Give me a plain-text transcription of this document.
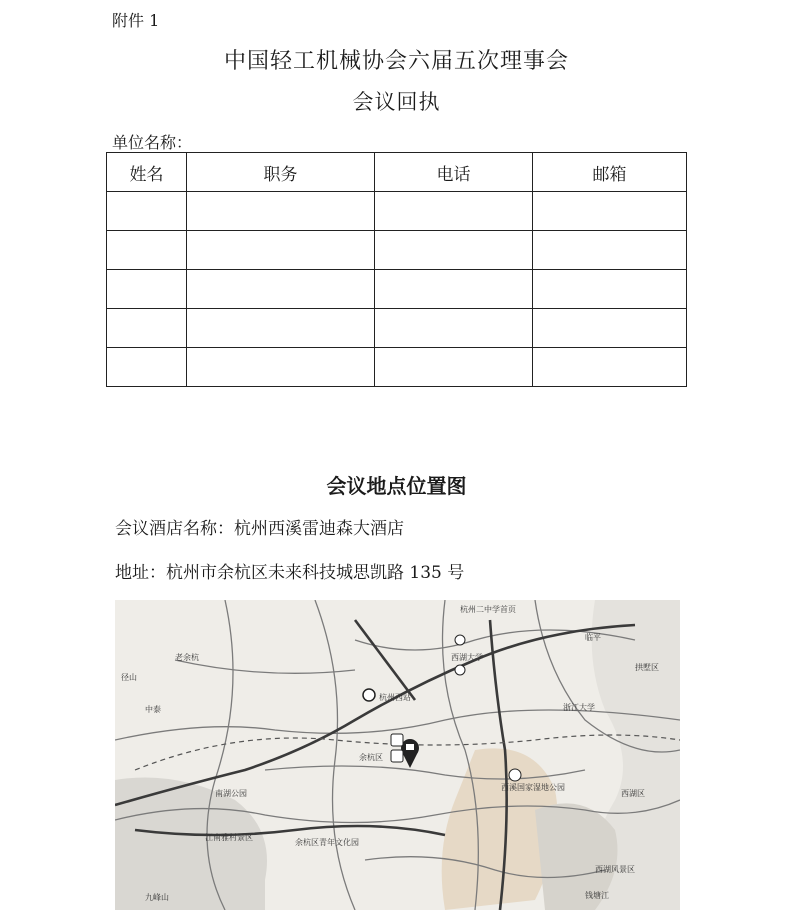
附件 1
中国轻工机械协会六届五次理事会
会议回执
单位名称：
姓名	职务	电话	邮箱

会议地点位置图
会议酒店名称：杭州西溪雷迪森大酒店
地址：杭州市余杭区未来科技城思凯路 135 号
杭州二中学首页
西湖大学
拱墅区
浙江大学
杭州西站
余杭区
西溪国家湿地公园
西湖区
南湖公园
江南雅村景区
余杭区青年文化园
西湖风景区
钱塘江
中泰
径山
老余杭
临平
九峰山
